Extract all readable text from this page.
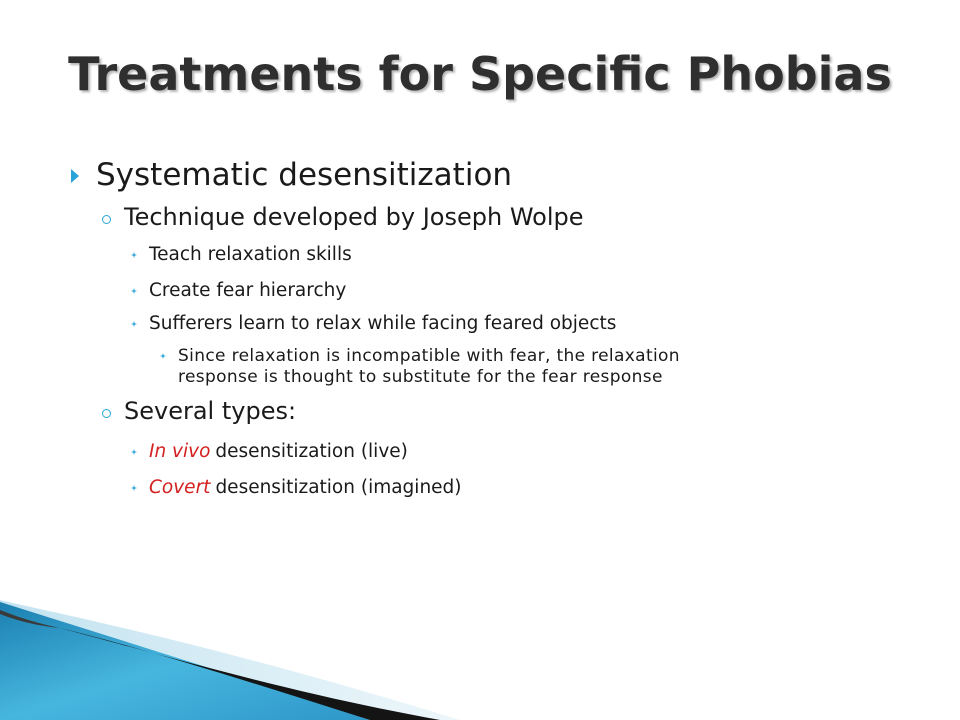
Treatments for Specific Phobias
Systematic desensitization
Technique developed by Joseph Wolpe
Teach relaxation skills
Create fear hierarchy
Sufferers learn to relax while facing feared objects
Since relaxation is incompatible with fear, the relaxation
response is thought to substitute for the fear response
Several types:
In vivo desensitization (live)
Covert desensitization (imagined)
